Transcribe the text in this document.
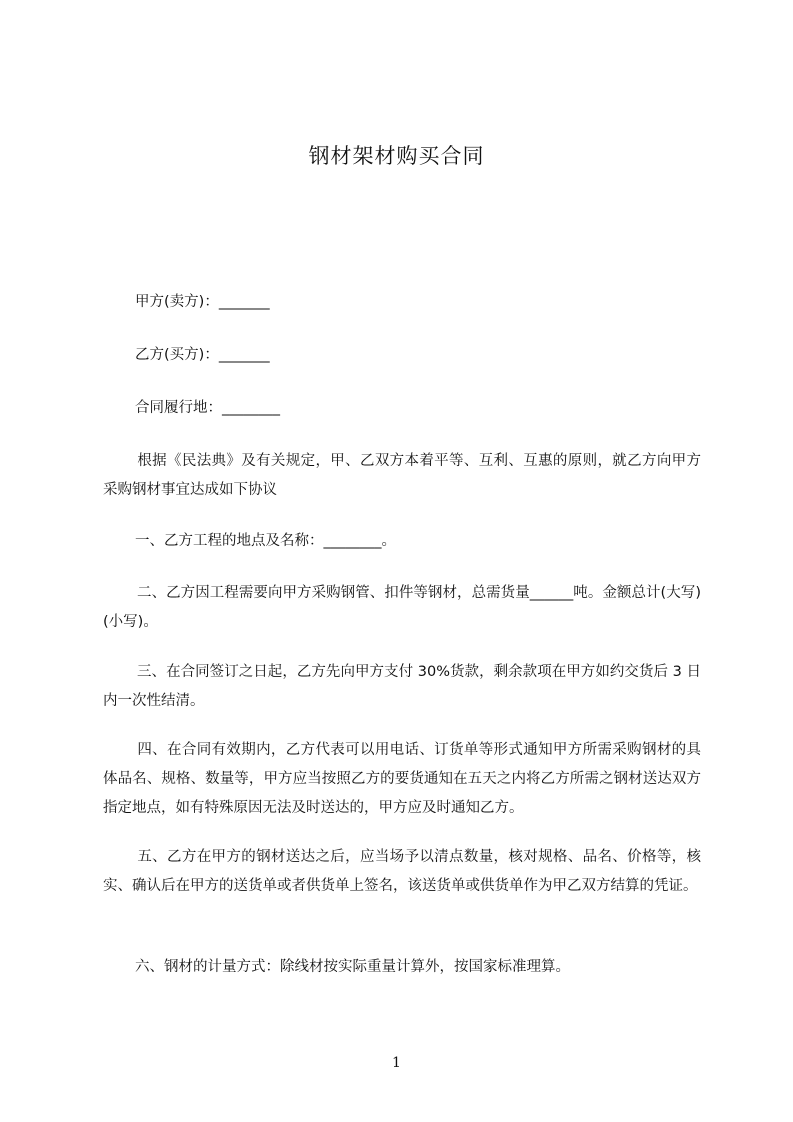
钢材架材购买合同
甲方(卖方)：_______
乙方(买方)：_______
合同履行地：________
根据《民法典》及有关规定，甲、乙双方本着平等、互利、互惠的原则，就乙方向甲方采购钢材事宜达成如下协议
一、乙方工程的地点及名称：________。
二、乙方因工程需要向甲方采购钢管、扣件等钢材，总需货量______吨。金额总计(大写)(小写)。
三、在合同签订之日起，乙方先向甲方支付 30%货款，剩余款项在甲方如约交货后 3 日内一次性结清。
四、在合同有效期内，乙方代表可以用电话、订货单等形式通知甲方所需采购钢材的具体品名、规格、数量等，甲方应当按照乙方的要货通知在五天之内将乙方所需之钢材送达双方指定地点，如有特殊原因无法及时送达的，甲方应及时通知乙方。
五、乙方在甲方的钢材送达之后，应当场予以清点数量，核对规格、品名、价格等，核实、确认后在甲方的送货单或者供货单上签名，该送货单或供货单作为甲乙双方结算的凭证。
六、钢材的计量方式：除线材按实际重量计算外，按国家标准理算。
1
